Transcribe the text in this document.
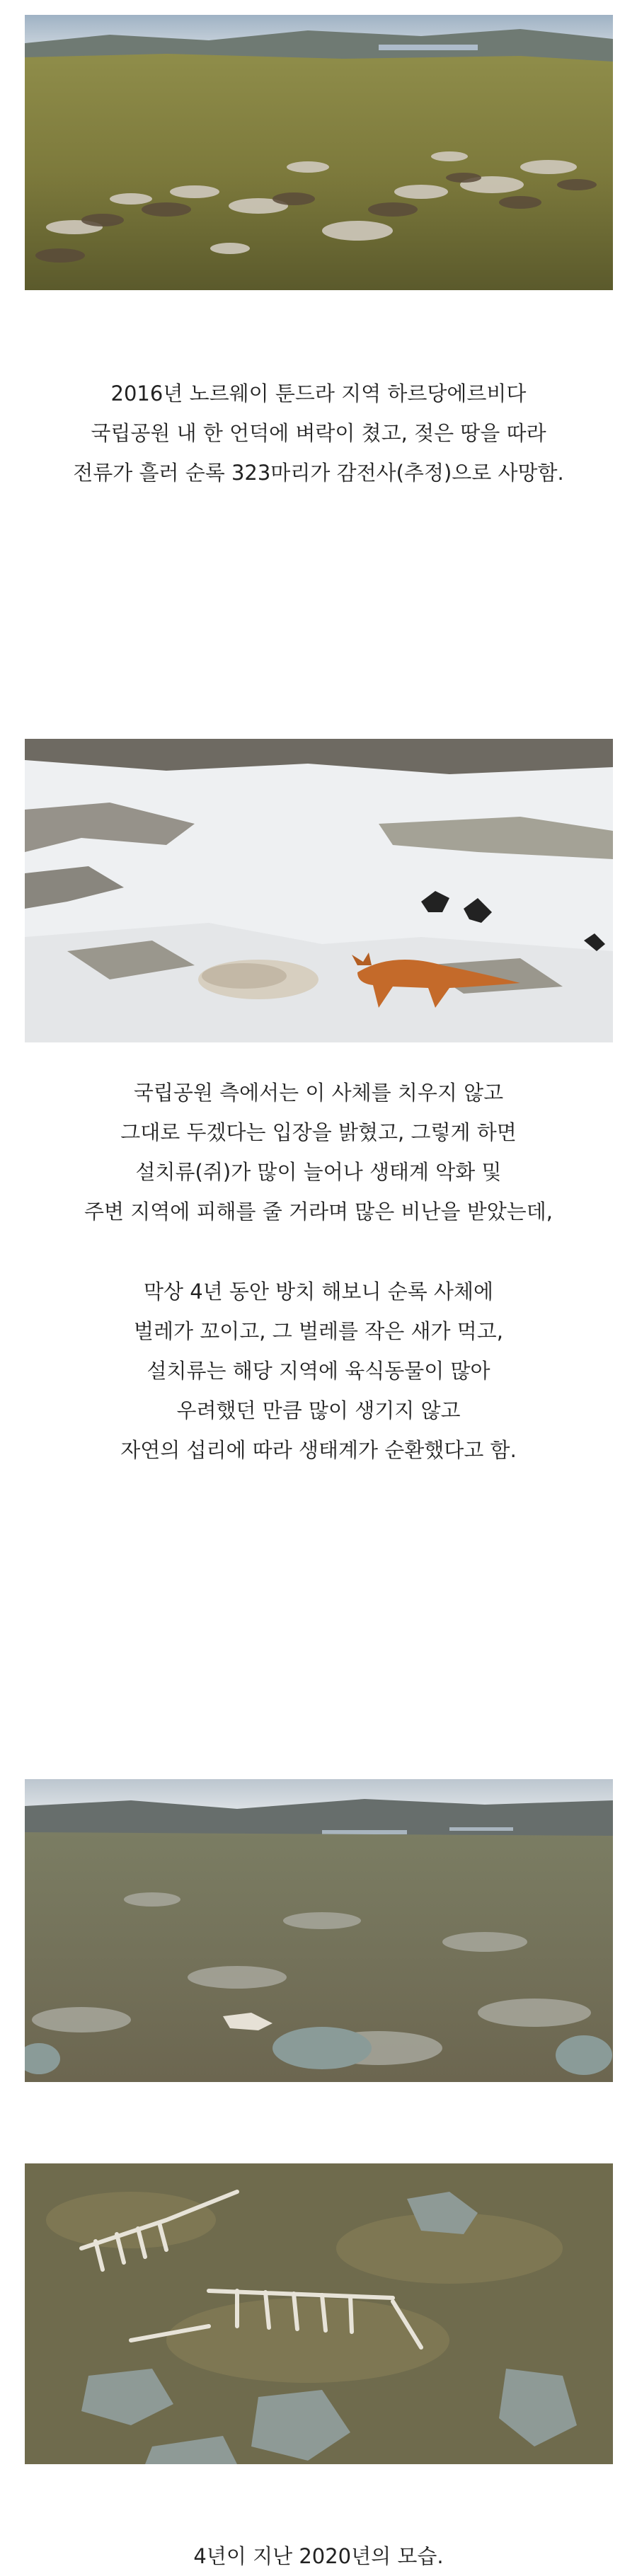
2016년 노르웨이 툰드라 지역 하르당에르비다

국립공원 내 한 언덕에 벼락이 쳤고, 젖은 땅을 따라

전류가 흘러 순록 323마리가 감전사(추정)으로 사망함.

국립공원 측에서는 이 사체를 치우지 않고

그대로 두겠다는 입장을 밝혔고, 그렇게 하면

설치류(쥐)가 많이 늘어나 생태계 악화 및

주변 지역에 피해를 줄 거라며 많은 비난을 받았는데,

막상 4년 동안 방치 해보니 순록 사체에

벌레가 꼬이고, 그 벌레를 작은 새가 먹고,

설치류는 해당 지역에 육식동물이 많아

우려했던 만큼 많이 생기지 않고

자연의 섭리에 따라 생태계가 순환했다고 함.

4년이 지난 2020년의 모습.
